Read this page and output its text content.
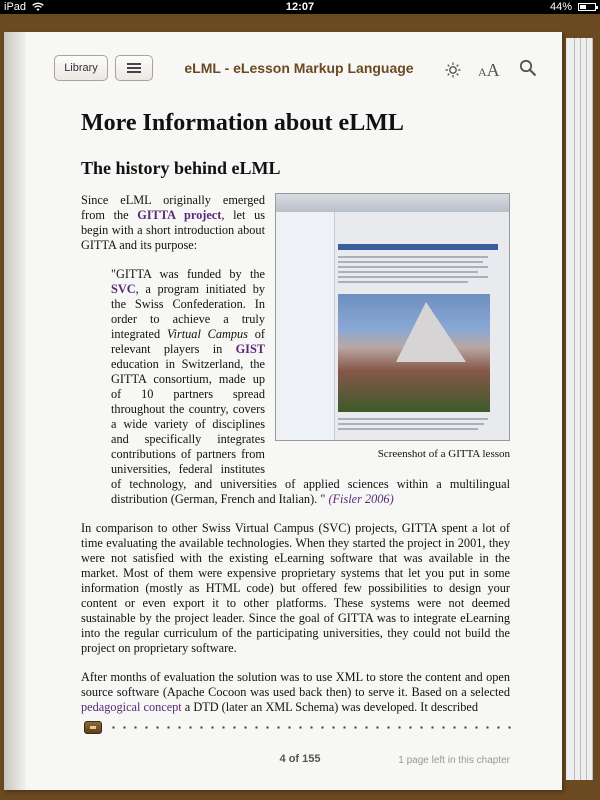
iPad	12:07	44%
Library	eLML - eLesson Markup Language	AA
More Information about eLML
The history behind eLML
Screenshot of a GITTA lesson
Since eLML originally emerged from the GITTA project, let us begin with a short introduction about GITTA and its purpose:
"GITTA was funded by the SVC, a program initiated by the Swiss Confederation. In order to achieve a truly integrated Virtual Campus of relevant players in GIST education in Switzerland, the GITTA consortium, made up of 10 partners spread throughout the country, covers a wide variety of disciplines and specifically integrates contributions of partners from universities, federal institutes of technology, and universities of applied sciences within a multilingual distribution (German, French and Italian). " (Fisler 2006)
In comparison to other Swiss Virtual Campus (SVC) projects, GITTA spent a lot of time evaluating the available technologies. When they started the project in 2001, they were not satisfied with the existing eLearning software that was available in the market. Most of them were expensive proprietary systems that let you put in some information (mostly as HTML code) but offered few possibilities to design your content or even export it to other platforms. These systems were not deemed sustainable by the project leader. Since the goal of GITTA was to integrate eLearning into the regular curriculum of the participating universities, they could not build the project on proprietary software.
After months of evaluation the solution was to use XML to store the content and open source software (Apache Cocoon was used back then) to serve it. Based on a selected pedagogical concept a DTD (later an XML Schema) was developed. It described
4 of 155	1 page left in this chapter
